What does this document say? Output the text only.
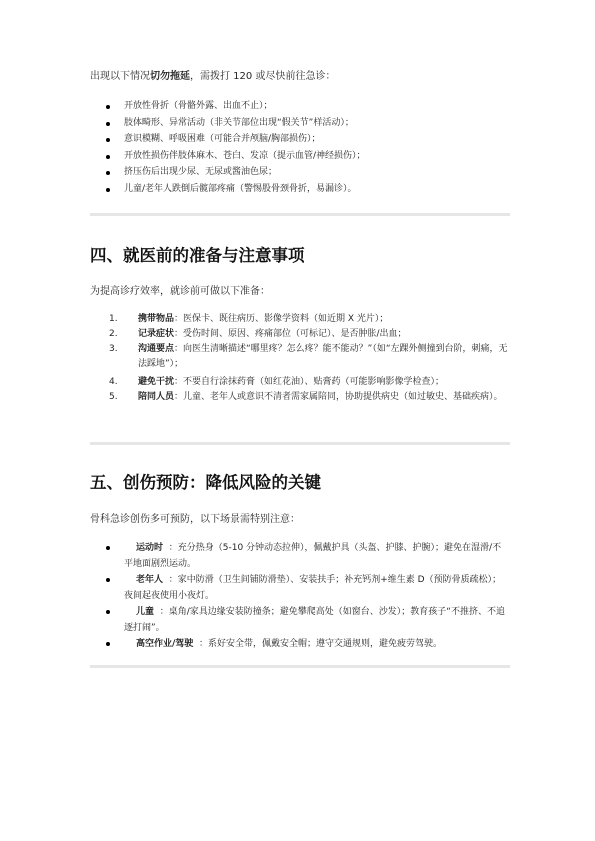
出现以下情况切勿拖延，需拨打 120 或尽快前往急诊：
开放性骨折（骨骼外露、出血不止）；
肢体畸形、异常活动（非关节部位出现“假关节”样活动）；
意识模糊、呼吸困难（可能合并颅脑/胸部损伤）；
开放性损伤伴肢体麻木、苍白、发凉（提示血管/神经损伤）；
挤压伤后出现少尿、无尿或酱油色尿；
儿童/老年人跌倒后髋部疼痛（警惕股骨颈骨折，易漏诊）。
四、就医前的准备与注意事项
为提高诊疗效率，就诊前可做以下准备：
1. 携带物品：医保卡、既往病历、影像学资料（如近期 X 光片）；
2. 记录症状：受伤时间、原因、疼痛部位（可标记）、是否肿胀/出血；
3. 沟通要点：向医生清晰描述“哪里疼？怎么疼？能不能动？”（如“左踝外侧撞到台阶，刺痛，无法踩地”）；
4. 避免干扰：不要自行涂抹药膏（如红花油）、贴膏药（可能影响影像学检查）；
5. 陪同人员：儿童、老年人或意识不清者需家属陪同，协助提供病史（如过敏史、基础疾病）。
五、创伤预防：降低风险的关键
骨科急诊创伤多可预防，以下场景需特别注意：
运动时 ：充分热身（5-10 分钟动态拉伸），佩戴护具（头盔、护膝、护腕）；避免在湿滑/不平地面剧烈运动。
老年人 ：家中防滑（卫生间铺防滑垫）、安装扶手；补充钙剂+维生素 D（预防骨质疏松）；夜间起夜使用小夜灯。
儿童 ：桌角/家具边缘安装防撞条；避免攀爬高处（如窗台、沙发）；教育孩子“不推挤、不追逐打闹”。
高空作业/驾驶 ：系好安全带，佩戴安全帽；遵守交通规则，避免疲劳驾驶。
